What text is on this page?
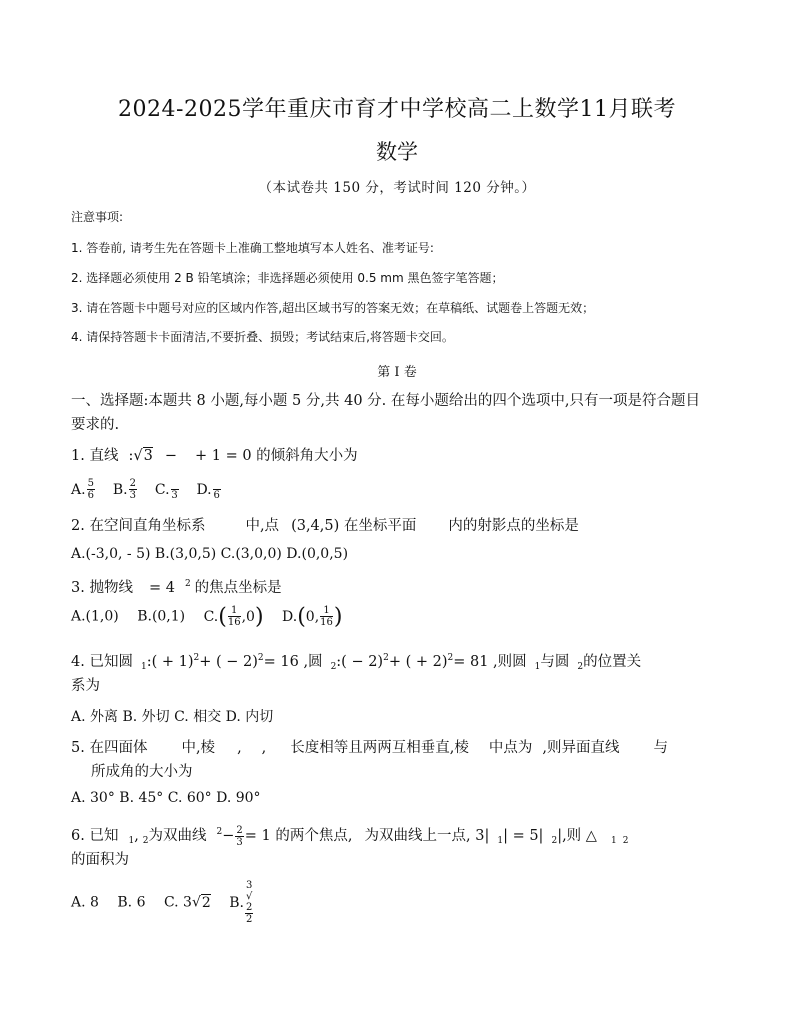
2024-2025学年重庆市育才中学校高二上数学11月联考
数学
（本试卷共 150 分，考试时间 120 分钟。）
注意事项:
1. 答卷前, 请考生先在答题卡上准确工整地填写本人姓名、准考证号:
2. 选择题必须使用 2 B 铅笔填涂；非选择题必须使用 0.5 mm 黑色签字笔答题；
3. 请在答题卡中题号对应的区域内作答,超出区域书写的答案无效；在草稿纸、试题卷上答题无效；
4. 请保持答题卡卡面清洁,不要折叠、损毁；考试结束后,将答题卡交回。
第 I 卷
一、选择题:本题共 8 小题,每小题 5 分,共 40 分. 在每小题给出的四个选项中,只有一项是符合题目
要求的.
1. 直线 :√3 − + 1 = 0 的倾斜角大小为
A. $\frac{5}{6} B$. $\frac{2}{3} C$. 3 D. 6
2. 在空间直角坐标系	中,点 (3,4,5) 在坐标平面 内的射影点的坐标是
A.(-3,0, - 5) B.(3,0,5) C.(3,0,0) D.(0,0,5)
3. 抛物线 = 4 $^2$ 的焦点坐标是
A.(1,0) B.(0,1) $C.( \frac{1}{16} ,0)$ D.(0, $\frac{1}{16}$ )
4. 已知圆 $_1$:( + 1)$^2$+ ( − 2)$^2$= 16 ,圆 $_2$:( − 2)$^2$+ ( + 2)$^2$= 81 ,则圆 $_1$与圆 $_2$的位置关
系为
A. 外离 B. 外切 C. 相交 D. 内切
5. 在四面体 中,棱 , , 长度相等且两两互相垂直,棱 中点为 ,则异面直线 与
所成角的大小为
A. 30° B. 45° C. 60° D. 90°
6. 已知 $_1$, $_2$为双曲线 $^2- \frac{2}{3} = 1$ 的两个焦点, 为双曲线上一点, 3| $_1$| = 5| $_2$|,则 △ $_1$ $_2$
的面积为
A. 8 B. 6 C. 3√2 B. 3
√
2
2
